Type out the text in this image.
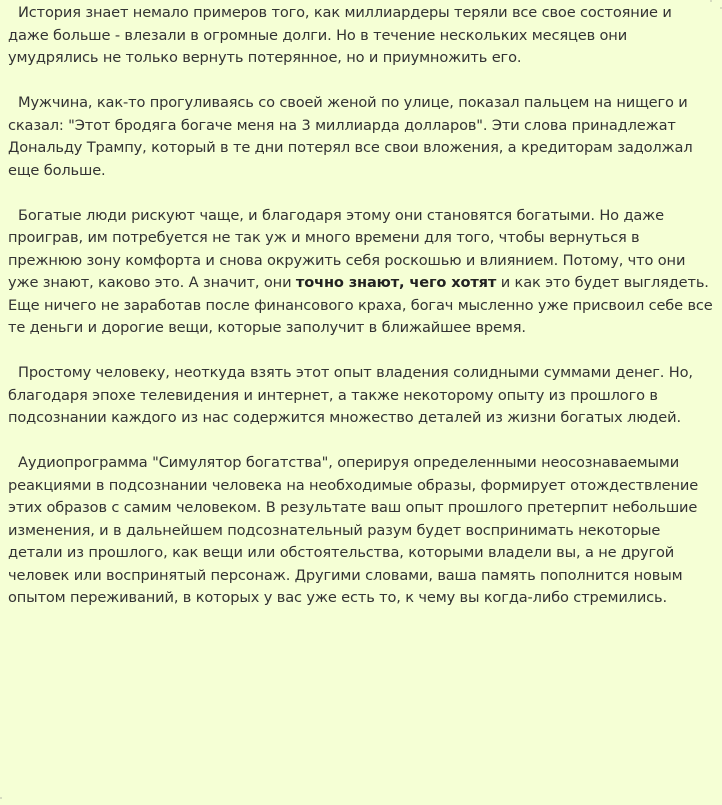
История знает немало примеров того, как миллиардеры теряли все свое состояние и даже больше - влезали в огромные долги. Но в течение нескольких месяцев они умудрялись не только вернуть потерянное, но и приумножить его.

Мужчина, как-то прогуливаясь со своей женой по улице, показал пальцем на нищего и сказал: "Этот бродяга богаче меня на 3 миллиарда долларов". Эти слова принадлежат Дональду Трампу, который в те дни потерял все свои вложения, а кредиторам задолжал еще больше.

Богатые люди рискуют чаще, и благодаря этому они становятся богатыми. Но даже проиграв, им потребуется не так уж и много времени для того, чтобы вернуться в прежнюю зону комфорта и снова окружить себя роскошью и влиянием. Потому, что они уже знают, каково это. А значит, они точно знают, чего хотят и как это будет выглядеть. Еще ничего не заработав после финансового краха, богач мысленно уже присвоил себе все те деньги и дорогие вещи, которые заполучит в ближайшее время.

Простому человеку, неоткуда взять этот опыт владения солидными суммами денег. Но, благодаря эпохе телевидения и интернет, а также некоторому опыту из прошлого в подсознании каждого из нас содержится множество деталей из жизни богатых людей.

Аудиопрограмма "Симулятор богатства", оперируя определенными неосознаваемыми реакциями в подсознании человека на необходимые образы, формирует отождествление этих образов с самим человеком. В результате ваш опыт прошлого претерпит небольшие изменения, и в дальнейшем подсознательный разум будет воспринимать некоторые детали из прошлого, как вещи или обстоятельства, которыми владели вы, а не другой человек или воспринятый персонаж. Другими словами, ваша память пополнится новым опытом переживаний, в которых у вас уже есть то, к чему вы когда-либо стремились.
